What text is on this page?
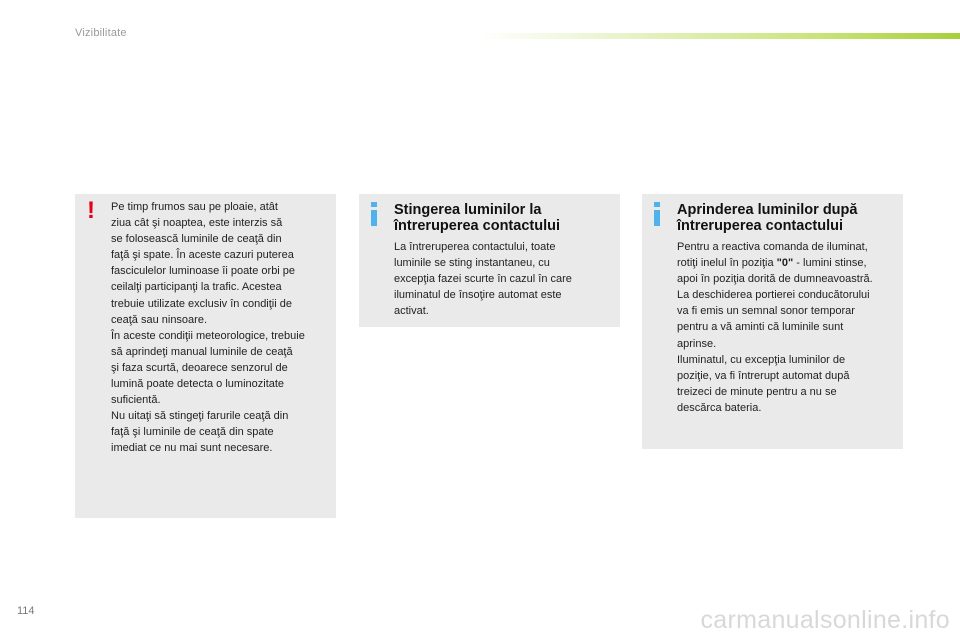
Vizibilitate
! Pe timp frumos sau pe ploaie, atât
ziua cât şi noaptea, este interzis să
se folosească luminile de ceaţă din
faţă şi spate. În aceste cazuri puterea
fasciculelor luminoase îi poate orbi pe
ceilalţi participanţi la trafic. Acestea
trebuie utilizate exclusiv în condiţii de
ceaţă sau ninsoare.
În aceste condiţii meteorologice, trebuie
să aprindeţi manual luminile de ceaţă
şi faza scurtă, deoarece senzorul de
lumină poate detecta o luminozitate
suficientă.
Nu uitaţi să stingeţi farurile ceaţă din
faţă şi luminile de ceaţă din spate
imediat ce nu mai sunt necesare.
Stingerea luminilor la
întreruperea contactului
La întreruperea contactului, toate
luminile se sting instantaneu, cu
excepţia fazei scurte în cazul în care
iluminatul de însoţire automat este
activat.
Aprinderea luminilor după
întreruperea contactului
Pentru a reactiva comanda de iluminat,
rotiţi inelul în poziţia "0" - lumini stinse,
apoi în poziţia dorită de dumneavoastră.
La deschiderea portierei conducătorului
va fi emis un semnal sonor temporar
pentru a vă aminti că luminile sunt
aprinse.
Iluminatul, cu excepţia luminilor de
poziţie, va fi întrerupt automat după
treizeci de minute pentru a nu se
descărca bateria.
114	carmanualsonline.info
